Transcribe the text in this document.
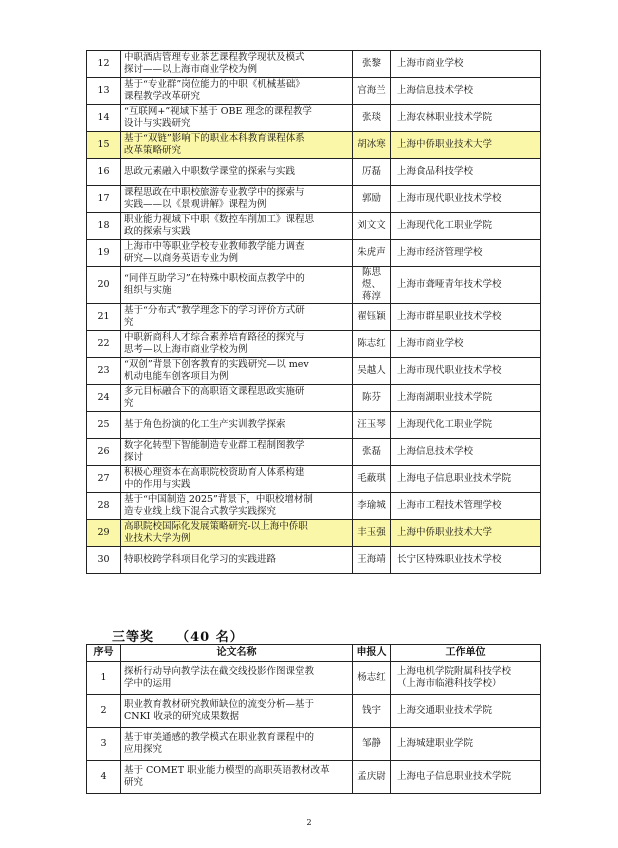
12	中职酒店管理专业茶艺课程教学现状及模式
探讨——以上海市商业学校为例	张黎	上海市商业学校

13	基于“专业群”岗位能力的中职《机械基础》
课程教学改革研究	宫海兰	上海信息技术学校

14	“互联网+”视域下基于 OBE 理念的课程教学
设计与实践研究	张琰	上海农林职业技术学院

15	基于“双链”影响下的职业本科教育课程体系
改革策略研究	胡冰寒	上海中侨职业技术大学

16	思政元素融入中职数学课堂的探索与实践	厉磊	上海食品科技学校

17	课程思政在中职校旅游专业教学中的探索与
实践——以《景观讲解》课程为例	郭励	上海市现代职业技术学校

18	职业能力视域下中职《数控车削加工》课程思
政的探索与实践	刘文文	上海现代化工职业学院

19	上海市中等职业学校专业教师教学能力调查
研究—以商务英语专业为例	朱虎声	上海市经济管理学校

20	“同伴互助学习”在特殊中职校面点教学中的
组织与实施	陈思煜、
蒋淳	上海市聋哑青年技术学校

21	基于“分布式”教学理念下的学习评价方式研
究	翟钰颖	上海市群星职业技术学校

22	中职新商科人才综合素养培育路径的探究与
思考—以上海市商业学校为例	陈志红	上海市商业学校

23	“双创”背景下创客教育的实践研究—以 mev
机动电能车创客项目为例	吴越人	上海市现代职业技术学校

24	多元目标融合下的高职语文课程思政实施研
究	陈芬	上海南湖职业技术学院

25	基于角色扮演的化工生产实训教学探索	汪玉琴	上海现代化工职业学院

26	数字化转型下智能制造专业群工程制图教学
探讨	张磊	上海信息技术学校

27	积极心理资本在高职院校资助育人体系构建
中的作用与实践	毛蔽琪	上海电子信息职业技术学院

28	基于“中国制造 2025”背景下，中职校增材制
造专业线上线下混合式教学实践探究	李瑜城	上海市工程技术管理学校

29	高职院校国际化发展策略研究-以上海中侨职
业技术大学为例	丰玉强	上海中侨职业技术大学

30	特职校跨学科项目化学习的实践进路	王海靖	长宁区特殊职业技术学校
三等奖 （40 名）
序号	论文名称	申报人	工作单位
1	探析行动导向教学法在截交线投影作图课堂教
学中的运用	杨志红	上海电机学院附属科技学校
（上海市临港科技学校）

2	职业教育教材研究教师缺位的流变分析—基于
CNKI 收录的研究成果数据	钱宇	上海交通职业技术学院

3	基于审美通感的教学模式在职业教育课程中的
应用探究	邹静	上海城建职业学院

4	基于 COMET 职业能力模型的高职英语教材改革
研究	孟庆尉	上海电子信息职业技术学院
2
